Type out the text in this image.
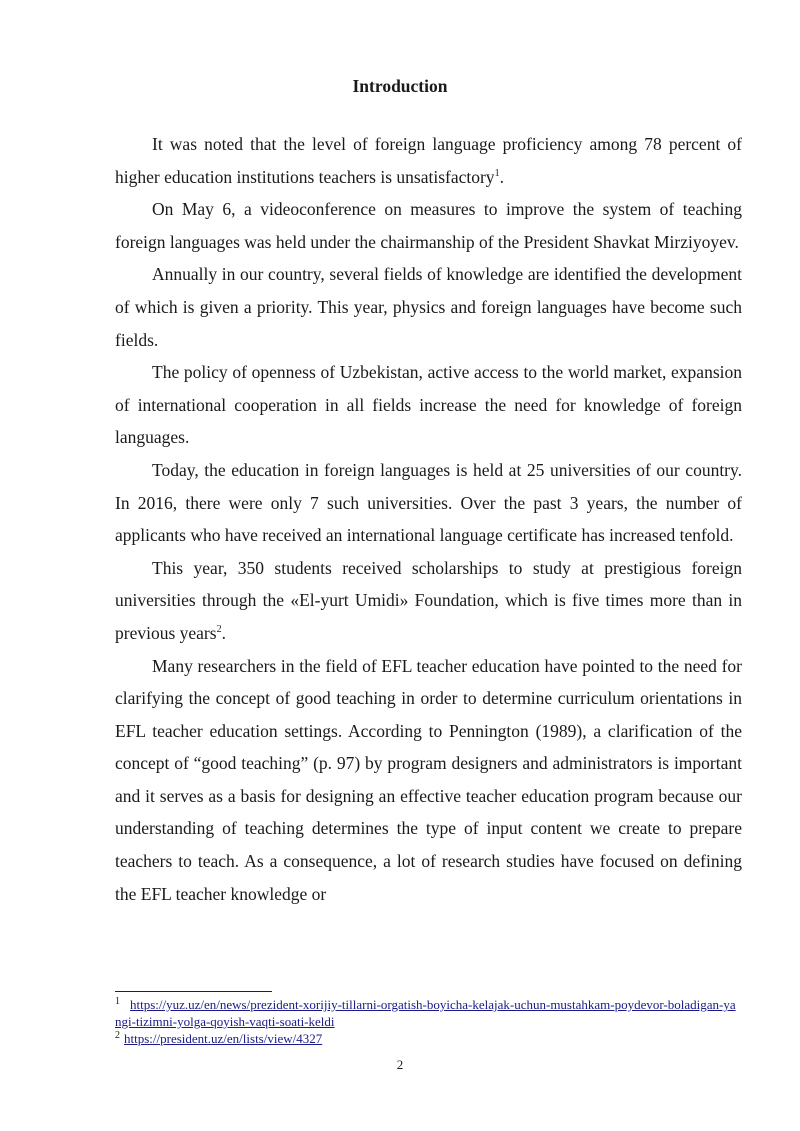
Introduction

It was noted that the level of foreign language proficiency among 78 percent of higher education institutions teachers is unsatisfactory$^1$.

On May 6, a videoconference on measures to improve the system of teaching foreign languages was held under the chairmanship of the President Shavkat Mirziyoyev.

Annually in our country, several fields of knowledge are identified the development of which is given a priority. This year, physics and foreign languages have become such fields.

The policy of openness of Uzbekistan, active access to the world market, expansion of international cooperation in all fields increase the need for knowledge of foreign languages.

Today, the education in foreign languages is held at 25 universities of our country. In 2016, there were only 7 such universities. Over the past 3 years, the number of applicants who have received an international language certificate has increased tenfold.

This year, 350 students received scholarships to study at prestigious foreign universities through the «El-yurt Umidi» Foundation, which is five times more than in previous years$^2$.

Many researchers in the field of EFL teacher education have pointed to the need for clarifying the concept of good teaching in order to determine curriculum orientations in EFL teacher education settings. According to Pennington (1989), a clarification of the concept of “good teaching” (p. 97) by program designers and administrators is important and it serves as a basis for designing an effective teacher education program because our understanding of teaching determines the type of input content we create to prepare teachers to teach. As a consequence, a lot of research studies have focused on defining the EFL teacher knowledge or

$^1$ https://yuz.uz/en/news/prezident-xorijiy-tillarni-orgatish-boyicha-kelajak-uchun-mustahkam-poydevor-boladigan-yangi-tizimni-yolga-qoyish-vaqti-soati-keldi

$^2$ https://president.uz/en/lists/view/4327

2
